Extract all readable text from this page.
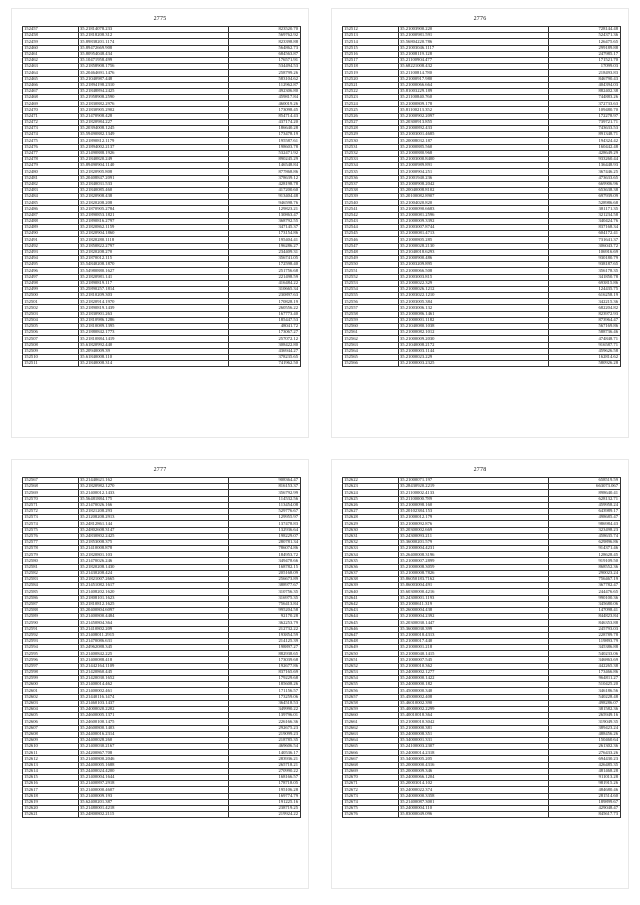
2775
152457	35.21814078.233	823520.70
152458	35.21818208.312	569762.92
152459	35.89838201.1174	823398.88
152460	35.89472669.908	564862.73
152461	35.80954048.434	684563.87
152462	35.10471958.499	176571.91
152463	35.21858908.1756	534494.53
152464	35.20464691.1476	258799.26
152465	35.21040987.448	583104.62
152466	35.21894198.2310	112962.87
152467	35.21848894.2425	492306.80
152468	35.21958908.2590	459817.84
152469	35.21830882.2976	460019.26
152470	35.21830905.2902	173098.45
152471	35.21470908.428	854714.43
152472	35.21820984.227	437174.20
152473	35.20394008.1245	186640.28
152474	35.59490882.1349	173478.19
152475	35.21890812.1179	195587.61
152476	35.21894002.2137	198603.78
152477	35.21490888.1926	532471.92
152478	35.21840820.249	890245.29
152479	35.89490904.1140	146548.84
152480	35.21820905.808	877868.86
152481	35.20408847.2091	378639.12
152482	35.21840031.533	428198.78
152483	35.21840085.460	417200.60
152484	35.21820908.438	913404.48
152485	35.21820208.208	946598.76
152486	35.21870905.2784	129823.21
152487	35.21890853.1821	130863.47
152488	35.21890816.2797	368792.55
152489	35.21820862.1159	347145.37
152490	35.21820904.1860	173154.86
152491	35.21820280.1118	195404.41
152492	35.21850822.2797	196286.27
152493	35.21820208.270	234409.31
152494	35.21870012.115	356741.05
152495	35.54840208.1870	172598.40
152496	35.54980880.1627	251756.68
152497	35.21820981.141	221498.59
152498	35.21890819.117	416484.22
152499	35.25890257.1814	310665.34
152500	35.21810209.303	230897.63
152501	35.21820914.1970	170828.19
152502	35.21890819.1439	260556.22
152503	35.21830901.263	167773.40
152504	35.21810986.1286	185447.53
152505	35.21810089.1395	48041.72
152506	35.21880842.1773	173067.27
152507	35.21810884.1419	257072.12
152508	35.61820992.440	308422.80
152509	35.20940009.39	436944.27
152510	35.61840008.110	378235.65
152511	35.21840008.314	741962.50
2776
152512	35.21003900.220	728144.48
152513	35.21000981.591	524371.36
152514	35.56804220.786	126475.65
152515	35.21003046.1117	299189.88
152516	35.21008119.128	247985.17
152517	35.21100904.477	171521.70
152518	35.68221008.432	17099.03
152519	35.21100814.780	218493.83
152520	35.21000917.980	846790.43
152521	35.21000066.664	404394.03
152522	35.81003229.189	882402.38
152523	35.21100840.760	744883.26
152524	35.21000809.178	372733.63
152525	35.81100213.352	109480.70
152526	35.21000902.2097	172278.97
152527	35.20300913.855	739721.71
152528	35.21000892.433	743633.53
152529	35.21003001.4685	891348.71
152530	35.20008032.187	194324.42
152531	35.21000885.560	160442.48
152532	35.21000880.968	428649.29
152533	35.21003000.8400	933260.44
152534	35.21000989.891	136448.93
152535	35.21000904.251	367446.25
152536	35.21001940.236	473633.65
152537	35.21000908.2042	669906.96
152538	35.20040008.8102	653638.38
152539	35.20100082.8907	697939.09
152540	35.21004020.820	528986.68
152541	35.21000090.6683	381171.35
152542	35.21000081.2596	321234.58
152543	35.21000009.3392	340424.76
152544	35.21003007.8744	837168.34
152545	35.21000081.4713	604172.41
152546	35.21000805.285	731641.37
152547	35.21000028.2130	306043.72
152548	35.21040018.6293	106916.69
152549	35.21000900.486	930180.79
152550	35.21003209.895	938187.65
152551	35.21000066.508	356178.35
152552	35.21003003.815	341850.78
152553	35.21000022.329	693815.86
152554	35.21000026.1212	124435.75
152555	35.21003022.1210	616258.19
152556	35.21003005.384	342215.36
152557	35.21003006.132	682204.82
152558	35.21000086.1461	823972.93
152559	35.21000001.1182	873964.47
152560	35.21040080.1038	567169.86
152561	35.21000082.1012	588736.46
152562	35.21000009.2030	474848.71
152563	35.21040008.2172	916587.71
152564	35.21000003.1144	459626.58
152565	35.21000023.229	162814.62
152566	35.21000003.2325	580926.28
2777
152567	35.21440621.162	908364.47
152568	35.21820982.1270	816153.37
152569	35.21400012.1433	356792.99
152570	35.56481884.175	114532.56
152571	35.21470026.166	113454.08
152572	35.21821208.293	529776.67
152573	35.21208208.2913	129955.97
152574	35.24812861.144	137478.83
152575	35.24802608.3147	132936.64
152576	35.24830802.2425	198229.07
152577	35.21853008.375	280781.34
152578	35.21410008.878	786074.86
152579	35.21820801.103	184953.72
152580	35.21470026.246	349478.66
152581	35.21820208.1430	168782.15
152582	35.21430208.424	205168.09
152583	35.21821007.2665	256673.89
152584	35.21451082.1617	388977.67
152585	35.21408202.1620	310756.35
152586	35.21808101.1623	316975.35
152587	35.21810812.1625	756413.84
152588	35.20400804.6097	995204.58
152589	35.21400800.4484	92170.28
152590	35.21450804.364	362253.79
152591	35.21410802.209	212732.22
152592	35.21408011.2915	193854.59
152593	35.21470086.631	214125.39
152594	35.24962088.345	198897.27
152595	35.21400842.225	882938.65
152596	35.21400088.418	173039.68
152597	35.21442164.1109	192677.86
152598	35.21420860.445	837165.69
152599	35.21420030.1652	179229.68
152600	35.21400014.462	185608.26
152601	35.21400002.461	171156.57
152602	35.21440116.1474	173259.06
152603	35.21460103.1437	364518.53
152604	35.24000020.2202	349990.22
152605	35.24600005.1371	139796.01
152606	35.24600100.1475	226166.36
152607	35.24600800.1403	292675.23
152608	35.24400016.2314	219099.23
152609	35.24400028.260	218785.35
152610	35.21400030.2167	469606.54
152611	35.24200867.708	140536.17
152612	35.21400800.2046	283936.21
152613	35.24400005.1688	265718.21
152614	35.24400024.4200	270990.22
152615	35.21400004.1644	168166.57
152616	35.21400897.2918	178718.05
152617	35.21400000.4607	195106.28
152618	35.21400009.193	169774.79
152619	35.62400201.387	191225.16
152620	35.21480001.4218	238719.25
152621	35.24800802.2115	219924.22
2778
152622	35.21000071.197	658519.59
152623	35.28430920.2219	663073.067
152624	35.21100002.4133	898640.41
152625	35.21100000.789	628132.71
152626	35.21000098.160	459958.24
152627	35.20102384.153	643989.17
152628	35.21000012.179	498685.47
152629	35.21000092.876	986984.43
152630	35.20300002.669	323498.23
152631	35.24300093.211	458635.74
152632	35.36000201.579	629896.86
152633	35.21000004.4231	914371.46
152634	35.26400008.3196	128628.45
152635	35.21000007.2899	919109.50
152636	35.21000008.3059	868552.36
152637	35.21000008.7826	290023.24
152638	35.86050183.7162	756467.19
152639	35.86003004.491	367782.47
152640	35.60300000.4216	244476.65
152641	35.24300001.1193	990100.36
152642	35.21000611.319	345680.06
152643	35.26000004.438	147098.41
152644	35.21000004.2392	844823.84
152645	35.20300030.1447	846353.88
152646	35.36000030.399	245793.03
152647	35.21000018.4313	228789.78
152648	35.21000017.440	119893.79
152649	35.21000001.218	345386.88
152650	35.21000040.1415	540233.06
152651	35.21000007.545	346863.69
152652	35.21000010.362	442265.38
152653	35.24000002.1277	173466.86
152654	35.24000000.1422	964811.27
152655	35.24000000.182	510425.20
152656	35.45000000.340	346186.56
152657	35.45000002.408	540228.48
152658	35.46010002.390	498286.07
152659	35.40000002.2299	381582.36
152660	35.40010018.364	265949.16
152661	35.21000010.3042	319049.35
152662	35.21000000.381	389423.24
152663	35.24000008.351	488456.26
152664	35.34000001.331	150460.64
152665	35.24100003.2307	261302.36
152666	35.24000014.2318	276433.26
152667	35.34000005.205	694430.23
152668	35.20000000.4316	426485.35
152669	35.20000009.346	481468.28
152670	35.24000066.1204	911013.28
152671	35.20003014.102	981915.26
152672	35.24000022.374	484680.46
152673	35.24000000.3358	281514.60
152674	35.21400087.3001	189899.67
152675	35.24000004.110	429048.47
152676	35.83000049.096	845617.73
